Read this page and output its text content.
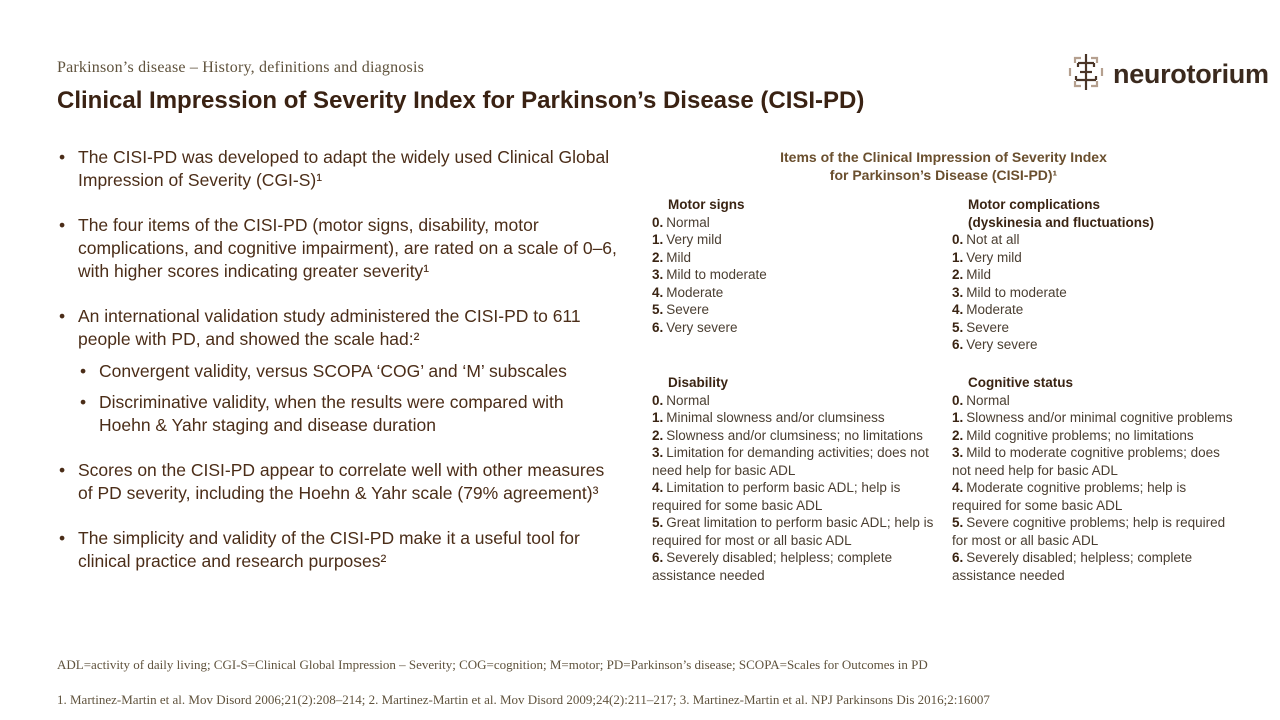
Parkinson’s disease – History, definitions and diagnosis
Clinical Impression of Severity Index for Parkinson’s Disease (CISI-PD)
neurotorium
• The CISI-PD was developed to adapt the widely used Clinical Global Impression of Severity (CGI-S)¹
• The four items of the CISI-PD (motor signs, disability, motor complications, and cognitive impairment), are rated on a scale of 0–6, with higher scores indicating greater severity¹
• An international validation study administered the CISI-PD to 611 people with PD, and showed the scale had:²
• Convergent validity, versus SCOPA ‘COG’ and ‘M’ subscales
• Discriminative validity, when the results were compared with Hoehn & Yahr staging and disease duration
• Scores on the CISI-PD appear to correlate well with other measures of PD severity, including the Hoehn & Yahr scale (79% agreement)³
• The simplicity and validity of the CISI-PD make it a useful tool for clinical practice and research purposes²
Items of the Clinical Impression of Severity Index
for Parkinson’s Disease (CISI-PD)¹
Motor signs
0. Normal
1. Very mild
2. Mild
3. Mild to moderate
4. Moderate
5. Severe
6. Very severe
Motor complications
(dyskinesia and fluctuations)
0. Not at all
1. Very mild
2. Mild
3. Mild to moderate
4. Moderate
5. Severe
6. Very severe
Disability
0. Normal
1. Minimal slowness and/or clumsiness
2. Slowness and/or clumsiness; no limitations
3. Limitation for demanding activities; does not need help for basic ADL
4. Limitation to perform basic ADL; help is required for some basic ADL
5. Great limitation to perform basic ADL; help is required for most or all basic ADL
6. Severely disabled; helpless; complete assistance needed
Cognitive status
0. Normal
1. Slowness and/or minimal cognitive problems
2. Mild cognitive problems; no limitations
3. Mild to moderate cognitive problems; does not need help for basic ADL
4. Moderate cognitive problems; help is required for some basic ADL
5. Severe cognitive problems; help is required for most or all basic ADL
6. Severely disabled; helpless; complete assistance needed
ADL=activity of daily living; CGI-S=Clinical Global Impression – Severity; COG=cognition; M=motor; PD=Parkinson’s disease; SCOPA=Scales for Outcomes in PD
1. Martinez-Martin et al. Mov Disord 2006;21(2):208–214; 2. Martinez-Martin et al. Mov Disord 2009;24(2):211–217; 3. Martinez-Martin et al. NPJ Parkinsons Dis 2016;2:16007
